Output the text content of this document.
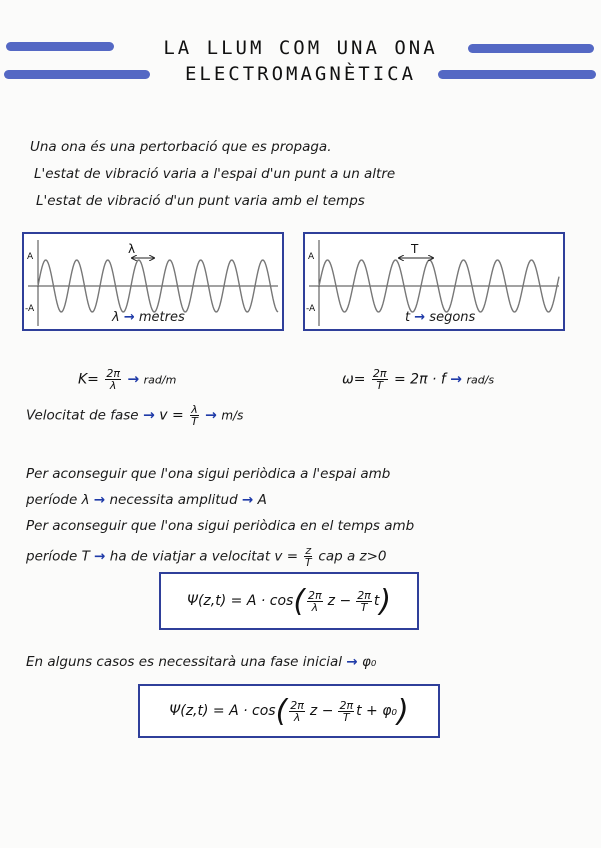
LA LLUM COM UNA ONA
ELECTROMAGNÈTICA
Una ona és una pertorbació que es propaga.
L'estat de vibració varia a l'espai d'un punt a un altre
L'estat de vibració d'un punt varia amb el temps
λ
A
-A
λ → metres
T
A
-A
t → segons
$K= \frac{2\pi}{\lambda} \to rad/m$	$\omega= \frac{2\pi}{T} = 2\pi \cdot f \to rad/s$
Velocitat de fase → $v = \frac{\lambda}{T} \to m/s$
Per aconseguir que l'ona sigui periòdica a l'espai amb
període λ → necessita amplitud → A
Per aconseguir que l'ona sigui periòdica en el temps amb
període T → ha de viatjar a velocitat $v = \frac{z}{T}$ cap a z>0
Ψ(z,t) = A · cos ( $\frac{2\pi}{\lambda}$ $z - \frac{2\pi}{T}$ t )
En alguns casos es necessitarà una fase inicial → φ₀
Ψ(z,t) = A · cos ( $\frac{2\pi}{\lambda}$ $z - \frac{2\pi}{T}$ t + φ₀ )
